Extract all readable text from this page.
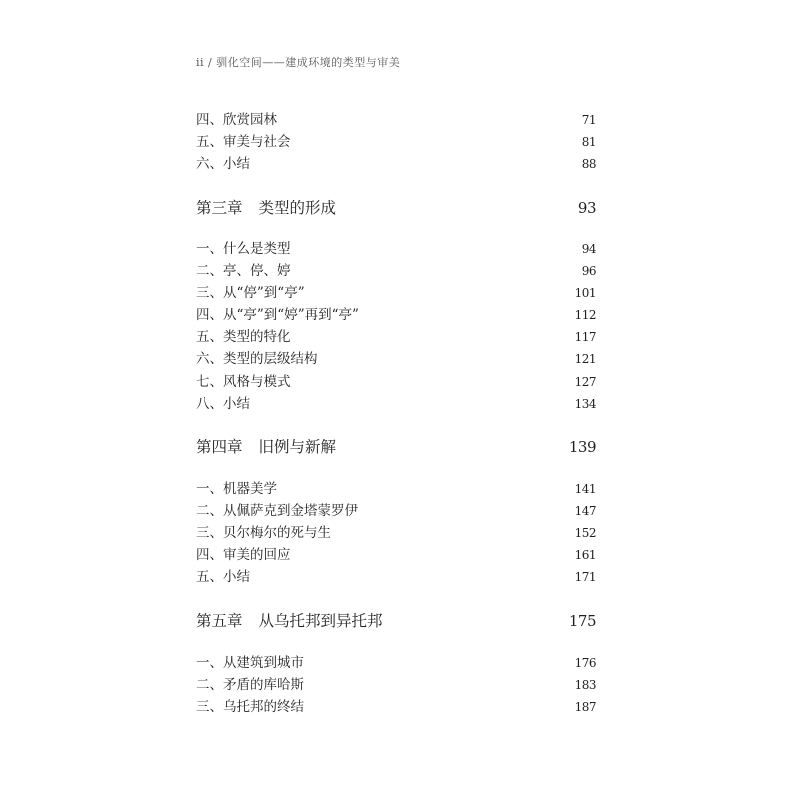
ii / 驯化空间——建成环境的类型与审美
四、欣赏园林	71
五、审美与社会	81
六、小结	88
第三章 类型的形成	93
一、什么是类型	94
二、亭、停、婷	96
三、从“停”到“亭”	101
四、从“亭”到“婷”再到“亭”	112
五、类型的特化	117
六、类型的层级结构	121
七、风格与模式	127
八、小结	134
第四章 旧例与新解	139
一、机器美学	141
二、从佩萨克到金塔蒙罗伊	147
三、贝尔梅尔的死与生	152
四、审美的回应	161
五、小结	171
第五章 从乌托邦到异托邦	175
一、从建筑到城市	176
二、矛盾的库哈斯	183
三、乌托邦的终结	187
